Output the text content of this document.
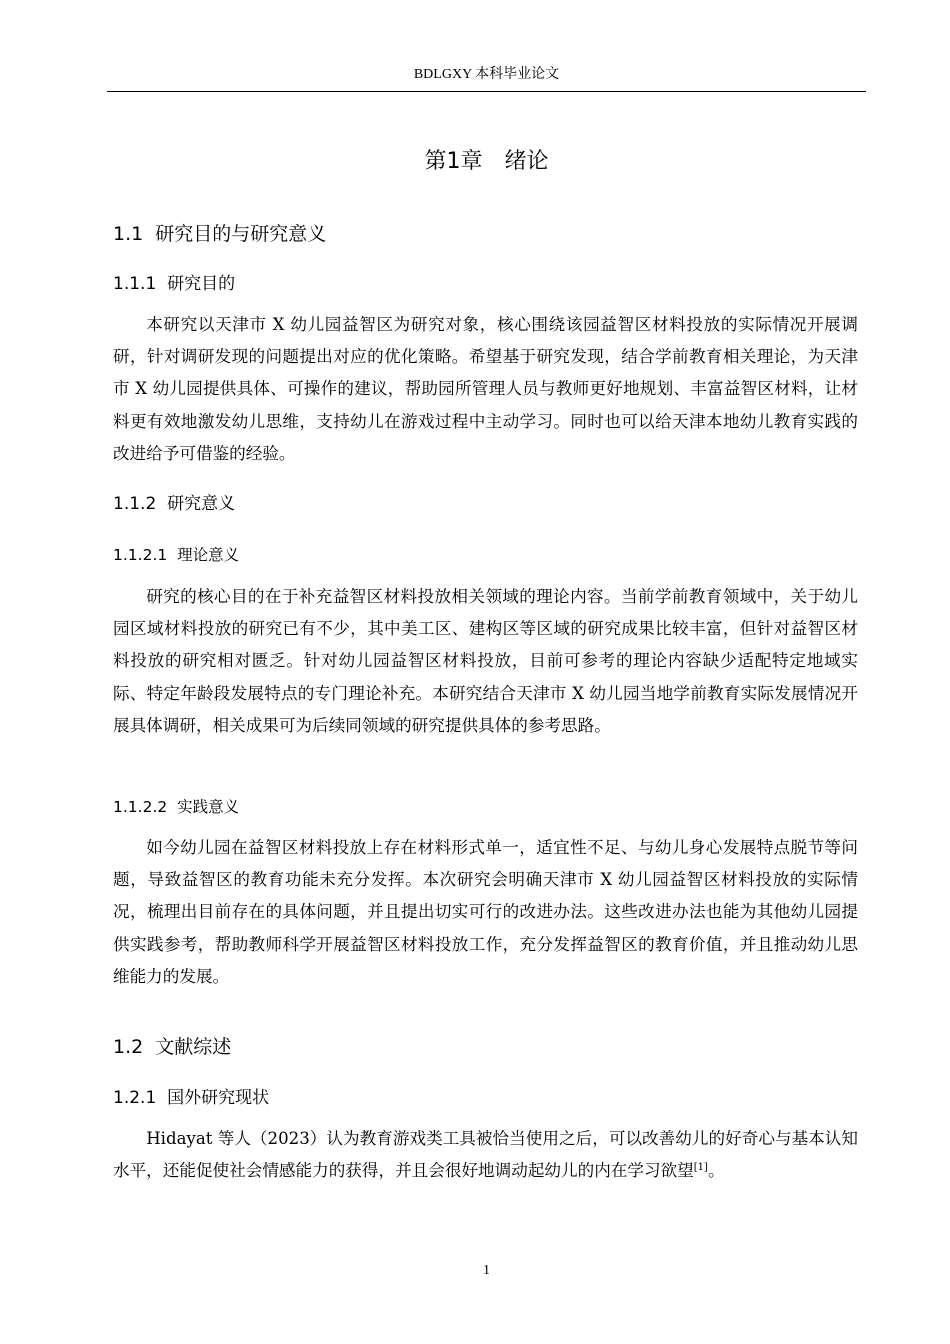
BDLGXY 本科毕业论文
第1章　绪论
1.1  研究目的与研究意义
1.1.1  研究目的

本研究以天津市 X 幼儿园益智区为研究对象，核心围绕该园益智区材料投放的实际情况开展调研，针对调研发现的问题提出对应的优化策略。希望基于研究发现，结合学前教育相关理论，为天津市 X 幼儿园提供具体、可操作的建议，帮助园所管理人员与教师更好地规划、丰富益智区材料，让材料更有效地激发幼儿思维，支持幼儿在游戏过程中主动学习。同时也可以给天津本地幼儿教育实践的改进给予可借鉴的经验。

1.1.2  研究意义
1.1.2.1  理论意义

研究的核心目的在于补充益智区材料投放相关领域的理论内容。当前学前教育领域中，关于幼儿园区域材料投放的研究已有不少，其中美工区、建构区等区域的研究成果比较丰富，但针对益智区材料投放的研究相对匮乏。针对幼儿园益智区材料投放，目前可参考的理论内容缺少适配特定地域实际、特定年龄段发展特点的专门理论补充。本研究结合天津市 X 幼儿园当地学前教育实际发展情况开展具体调研，相关成果可为后续同领域的研究提供具体的参考思路。

1.1.2.2  实践意义

如今幼儿园在益智区材料投放上存在材料形式单一，适宜性不足、与幼儿身心发展特点脱节等问题，导致益智区的教育功能未充分发挥。本次研究会明确天津市 X 幼儿园益智区材料投放的实际情况，梳理出目前存在的具体问题，并且提出切实可行的改进办法。这些改进办法也能为其他幼儿园提供实践参考，帮助教师科学开展益智区材料投放工作，充分发挥益智区的教育价值，并且推动幼儿思维能力的发展。

1.2  文献综述
1.2.1  国外研究现状

Hidayat 等人（2023）认为教育游戏类工具被恰当使用之后，可以改善幼儿的好奇心与基本认知水平，还能促使社会情感能力的获得，并且会很好地调动起幼儿的内在学习欲望[1]。

1
